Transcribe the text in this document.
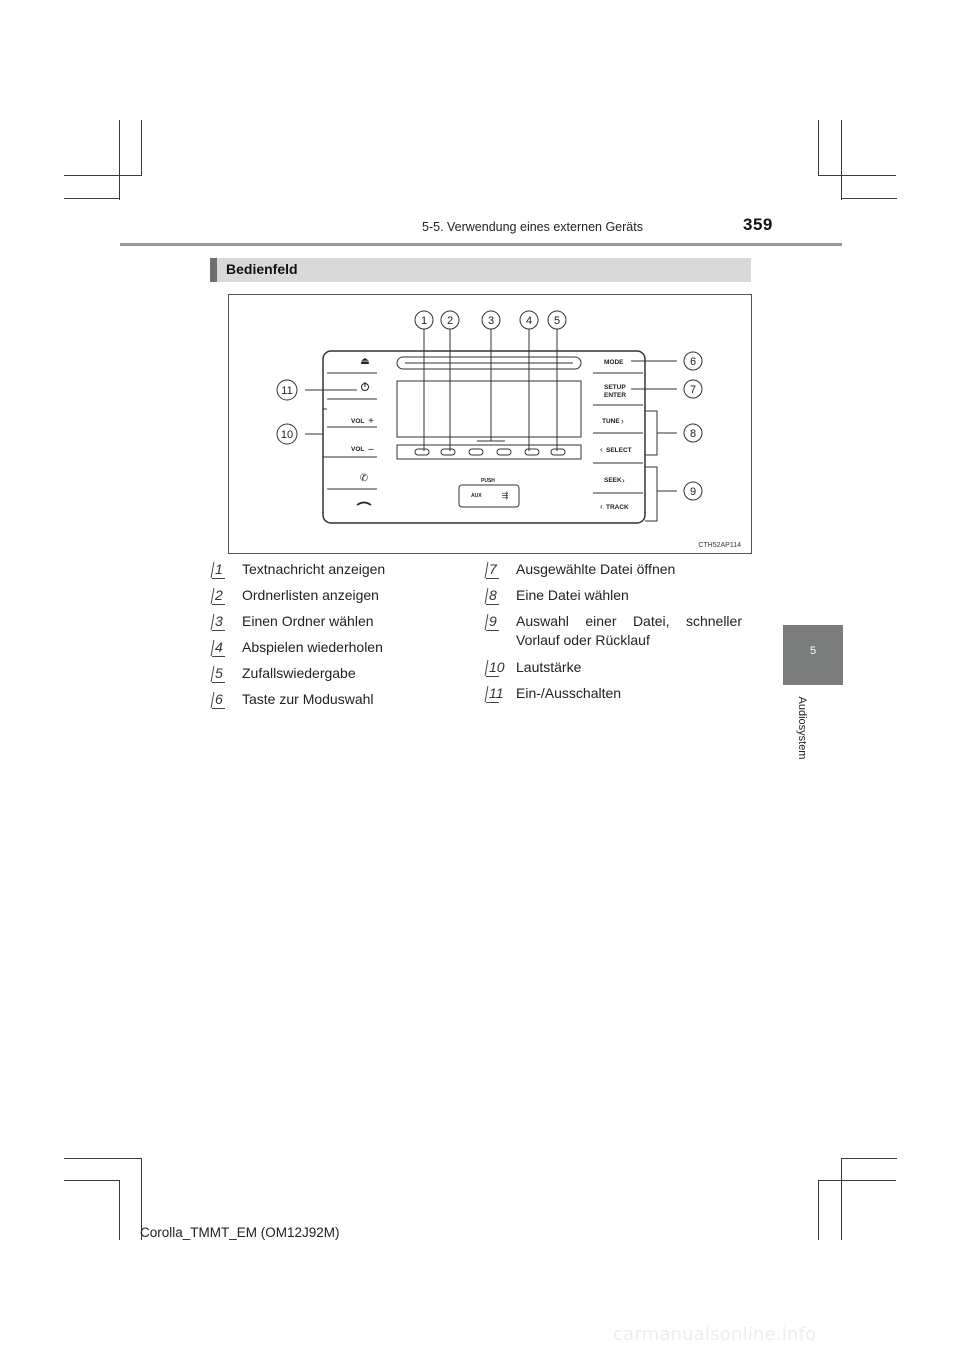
5-5. Verwendung eines externen Geräts	359
Bedienfeld
⏏
VOL +
VOL –
✆
MODE
SETUP
ENTER
TUNE ›
‹ SELECT
SEEK ›
‹ TRACK
PUSH
AUX	⇶
1 2	3	4 5
6
7
8
9
10
11
CTH52AP114
5
Audiosystem
1 Textnachricht anzeigen
2 Ordnerlisten anzeigen
3 Einen Ordner wählen
4 Abspielen wiederholen
5 Zufallswiedergabe
6 Taste zur Moduswahl
7 Ausgewählte Datei öffnen
8 Eine Datei wählen
9 Auswahl einer Datei, schneller Vorlauf oder Rücklauf
10 Lautstärke
11 Ein-/Ausschalten
Corolla_TMMT_EM (OM12J92M)
carmanualsonline.info
